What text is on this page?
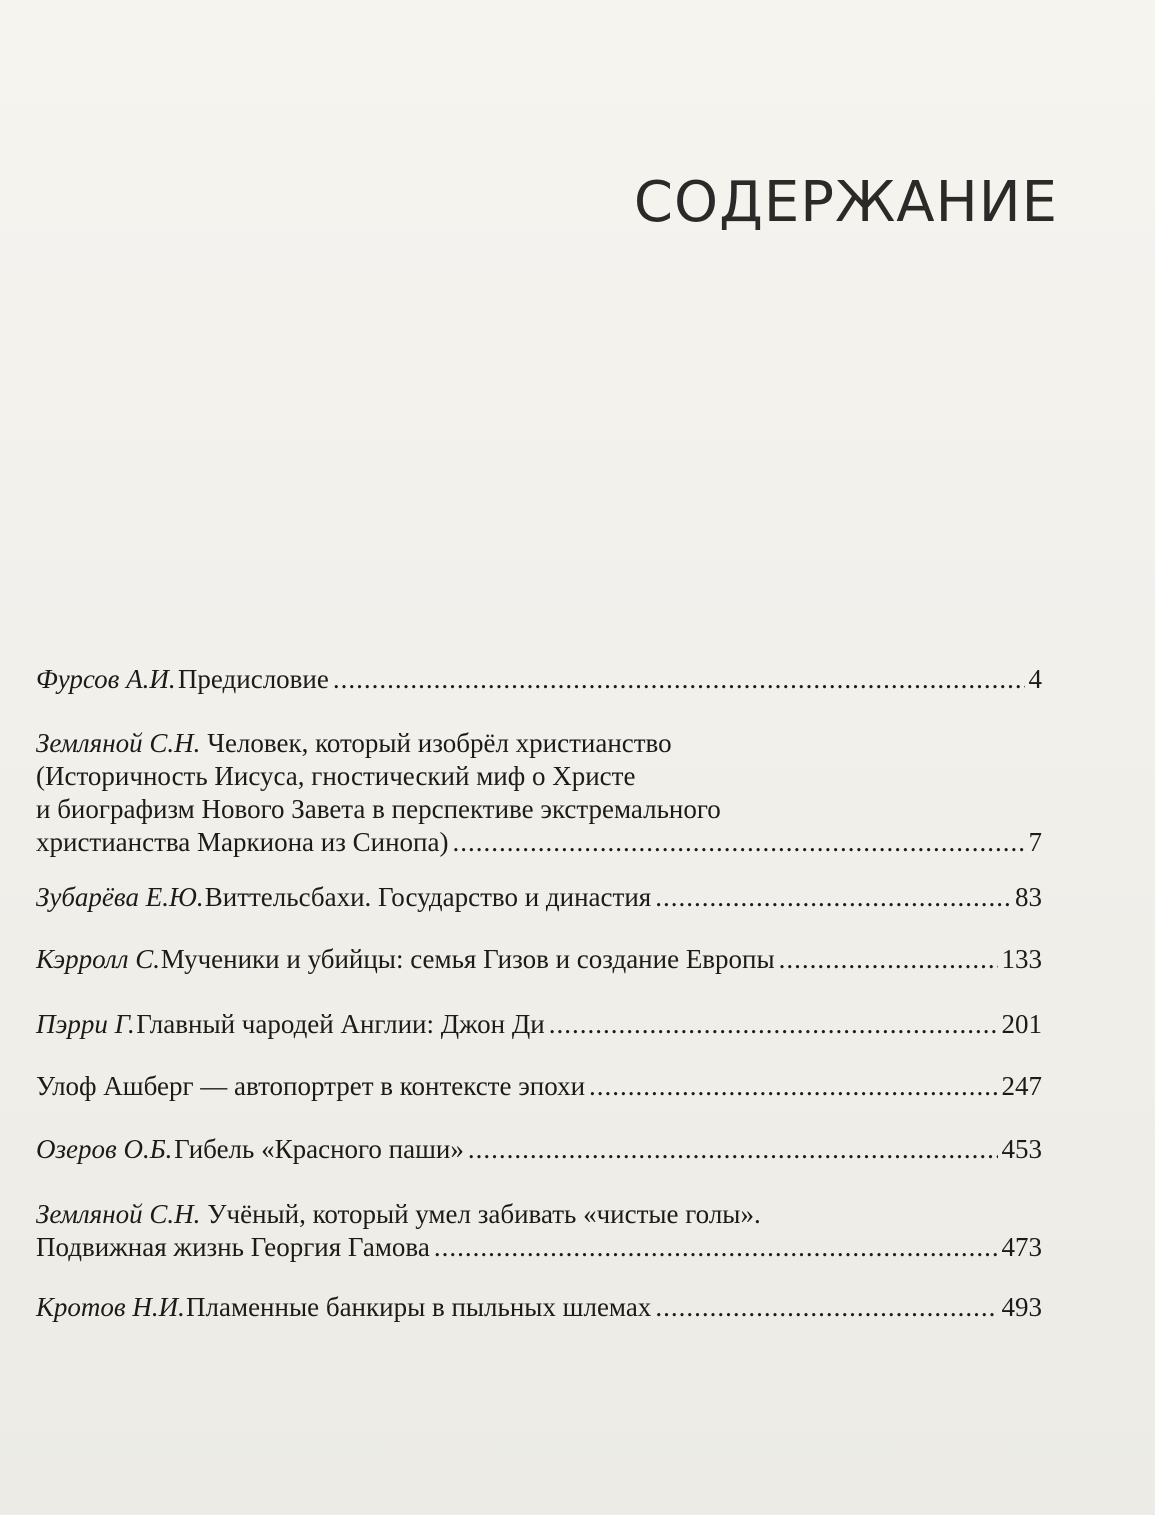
СОДЕРЖАНИЕ
Фурсов А.И. Предисловие .....	4
Земляной С.Н. Человек, который изобрёл христианство
(Историчность Иисуса, гностический миф о Христе
и биографизм Нового Завета в перспективе экстремального
христианства Маркиона из Синопа) .....	7
Зубарёва Е.Ю. Виттельсбахи. Государство и династия .....	83
Кэрролл С. Мученики и убийцы: семья Гизов и создание Европы .....	133
Пэрри Г. Главный чародей Англии: Джон Ди .....	201
Улоф Ашберг — автопортрет в контексте эпохи .....	247
Озеров О.Б. Гибель «Красного паши» .....	453
Земляной С.Н. Учёный, который умел забивать «чистые голы».
Подвижная жизнь Георгия Гамова .....	473
Кротов Н.И. Пламенные банкиры в пыльных шлемах .....	493
